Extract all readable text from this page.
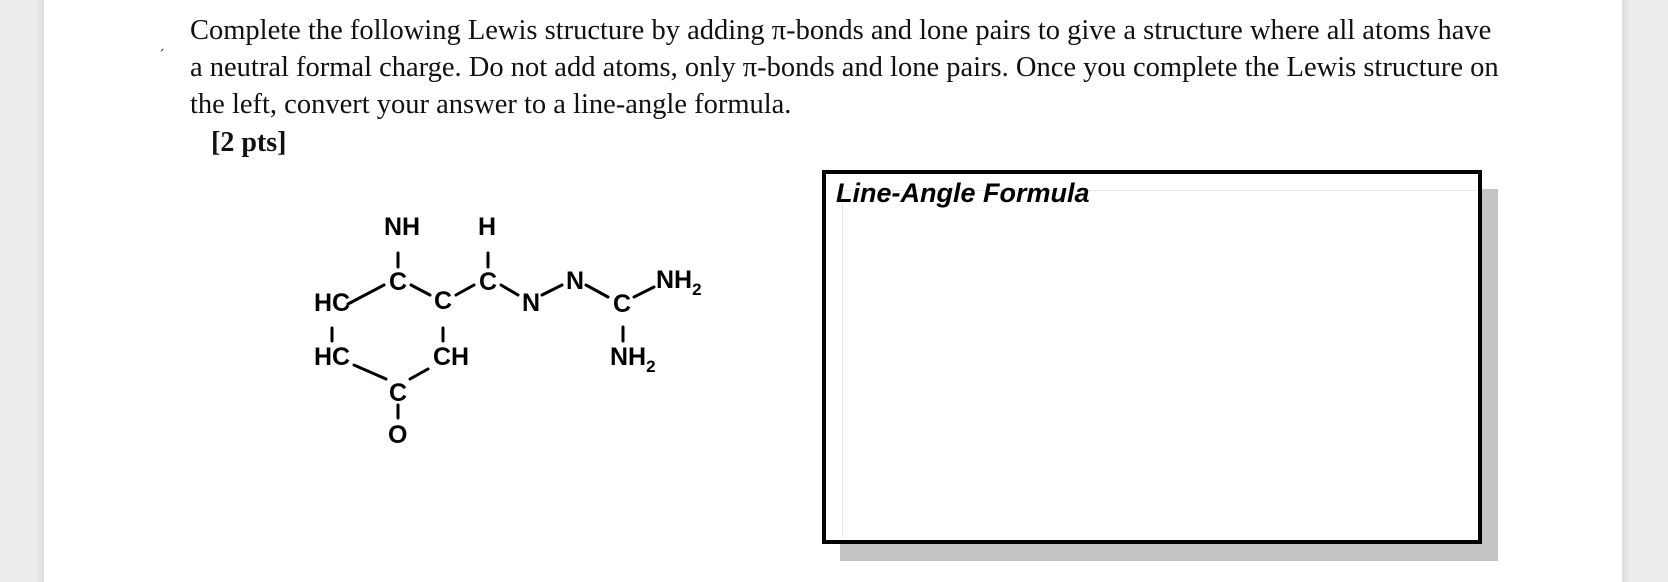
ˏ Complete the following Lewis structure by adding π-bonds and lone pairs to give a structure where all atoms have a neutral formal charge. Do not add atoms, only π-bonds and lone pairs. Once you complete the Lewis structure on the left, convert your answer to a line-angle formula.

[2 pts]
NH H
C
C
C
HC
HC	CH
C
O
N
N
C
$NH_2$
$NH_2$
Line-Angle Formula
